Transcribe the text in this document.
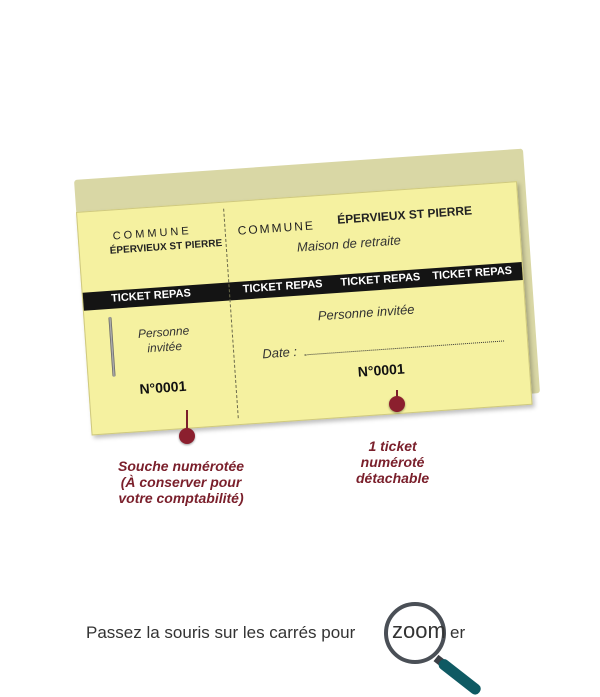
TICKET REPAS
TICKET REPAS TICKET REPAS TICKET REPAS
COMMUNE
ÉPERVIEUX ST PIERRE
Personne
invitée
N°0001
COMMUNE
ÉPERVIEUX ST PIERRE
Maison de retraite
Personne invitée
Date :
N°0001
Souche numérotée
(À conserver pour
votre comptabilité)
1 ticket
numéroté
détachable
Passez la souris sur les carrés pour zoom er
